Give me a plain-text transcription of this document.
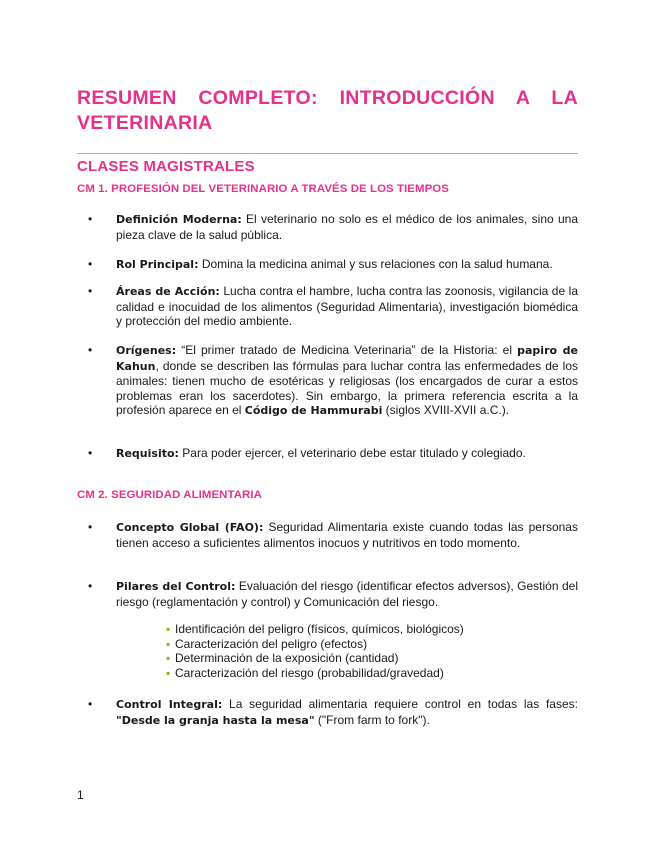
RESUMEN COMPLETO: INTRODUCCIÓN A LA VETERINARIA
CLASES MAGISTRALES
CM 1. PROFESIÓN DEL VETERINARIO A TRAVÉS DE LOS TIEMPOS
• Definición Moderna: El veterinario no solo es el médico de los animales, sino una pieza clave de la salud pública.
• Rol Principal: Domina la medicina animal y sus relaciones con la salud humana.
• Áreas de Acción: Lucha contra el hambre, lucha contra las zoonosis, vigilancia de la calidad e inocuidad de los alimentos (Seguridad Alimentaria), investigación biomédica y protección del medio ambiente.
• Orígenes: “El primer tratado de Medicina Veterinaria” de la Historia: el papiro de Kahun, donde se describen las fórmulas para luchar contra las enfermedades de los animales: tienen mucho de esotéricas y religiosas (los encargados de curar a estos problemas eran los sacerdotes). Sin embargo, la primera referencia escrita a la profesión aparece en el Código de Hammurabi (siglos XVIII-XVII a.C.).
• Requisito: Para poder ejercer, el veterinario debe estar titulado y colegiado.
CM 2. SEGURIDAD ALIMENTARIA
• Concepto Global (FAO): Seguridad Alimentaria existe cuando todas las personas tienen acceso a suficientes alimentos inocuos y nutritivos en todo momento.
• Pilares del Control: Evaluación del riesgo (identificar efectos adversos), Gestión del riesgo (reglamentación y control) y Comunicación del riesgo.
▪ Identificación del peligro (físicos, químicos, biológicos)
▪ Caracterización del peligro (efectos)
▪ Determinación de la exposición (cantidad)
▪ Caracterización del riesgo (probabilidad/gravedad)
• Control Integral: La seguridad alimentaria requiere control en todas las fases: "Desde la granja hasta la mesa" ("From farm to fork").

1
